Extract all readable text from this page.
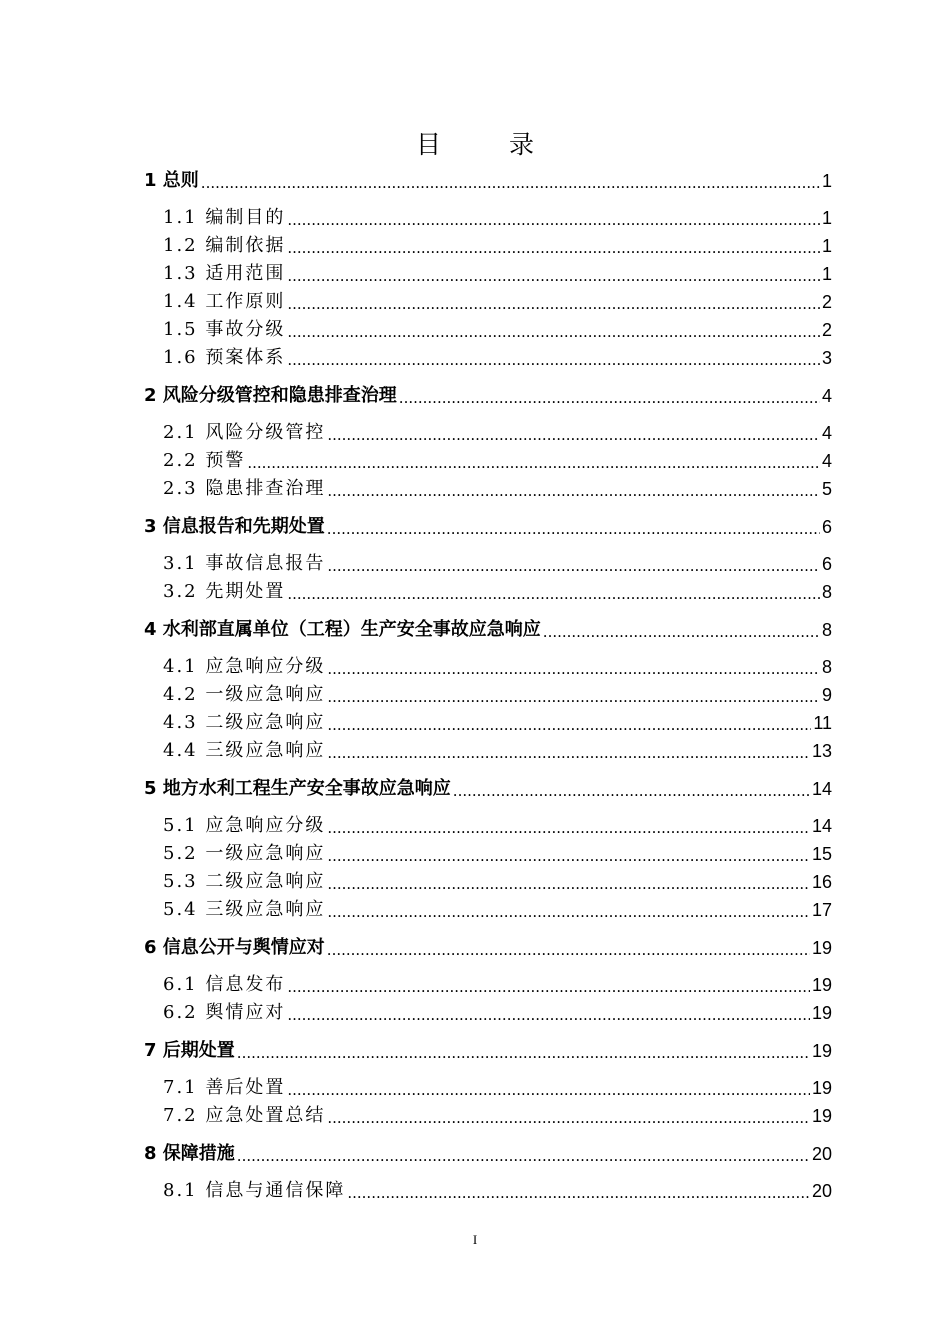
目 录
1 总则 .....	1
1.1 编制目的 .....	1
1.2 编制依据 .....	1
1.3 适用范围 .....	1
1.4 工作原则 .....	2
1.5 事故分级 .....	2
1.6 预案体系 .....	3
2 风险分级管控和隐患排查治理 .....	4
2.1 风险分级管控 .....	4
2.2 预警 .....	4
2.3 隐患排查治理 .....	5
3 信息报告和先期处置 .....	6
3.1 事故信息报告 .....	6
3.2 先期处置 .....	8
4 水利部直属单位（工程）生产安全事故应急响应 .....	8
4.1 应急响应分级 .....	8
4.2 一级应急响应 .....	9
4.3 二级应急响应 .....	11
4.4 三级应急响应 .....	13
5 地方水利工程生产安全事故应急响应 .....	14
5.1 应急响应分级 .....	14
5.2 一级应急响应 .....	15
5.3 二级应急响应 .....	16
5.4 三级应急响应 .....	17
6 信息公开与舆情应对 .....	19
6.1 信息发布 .....	19
6.2 舆情应对 .....	19
7 后期处置 .....	19
7.1 善后处置 .....	19
7.2 应急处置总结 .....	19
8 保障措施 .....	20
8.1 信息与通信保障 .....	20
I
